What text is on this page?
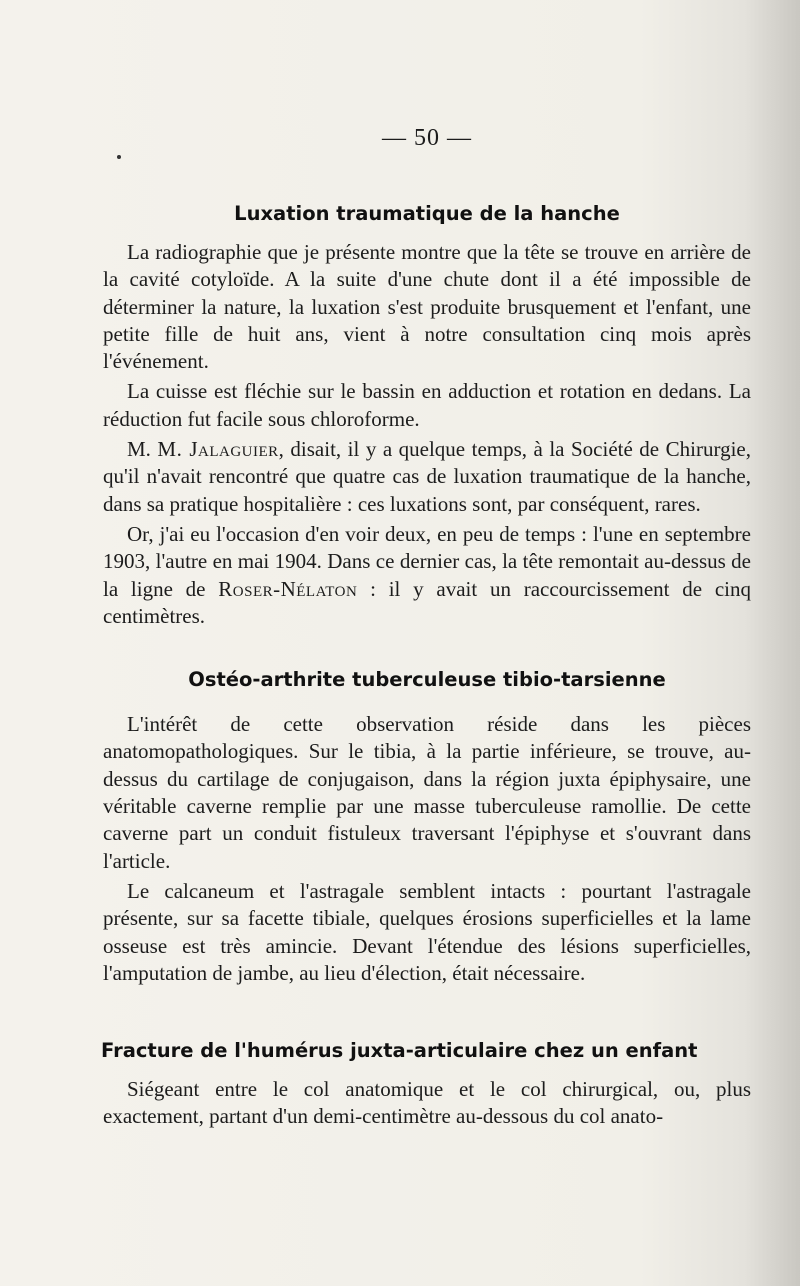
— 50 —
Luxation traumatique de la hanche

La radiographie que je présente montre que la tête se trouve en arrière de la cavité cotyloïde. A la suite d'une chute dont il a été impossible de déterminer la nature, la luxation s'est produite brusquement et l'enfant, une petite fille de huit ans, vient à notre consultation cinq mois après l'événement.

La cuisse est fléchie sur le bassin en adduction et rotation en dedans. La réduction fut facile sous chloroforme.

M. M. Jalaguier, disait, il y a quelque temps, à la Société de Chirurgie, qu'il n'avait rencontré que quatre cas de luxation traumatique de la hanche, dans sa pratique hospitalière : ces luxations sont, par conséquent, rares.

Or, j'ai eu l'occasion d'en voir deux, en peu de temps : l'une en septembre 1903, l'autre en mai 1904. Dans ce dernier cas, la tête remontait au-dessus de la ligne de Roser-Nélaton : il y avait un raccourcissement de cinq centimètres.

Ostéo-arthrite tuberculeuse tibio-tarsienne

L'intérêt de cette observation réside dans les pièces anatomopathologiques. Sur le tibia, à la partie inférieure, se trouve, au-dessus du cartilage de conjugaison, dans la région juxta épiphysaire, une véritable caverne remplie par une masse tuberculeuse ramollie. De cette caverne part un conduit fistuleux traversant l'épiphyse et s'ouvrant dans l'article.

Le calcaneum et l'astragale semblent intacts : pourtant l'astragale présente, sur sa facette tibiale, quelques érosions superficielles et la lame osseuse est très amincie. Devant l'étendue des lésions superficielles, l'amputation de jambe, au lieu d'élection, était nécessaire.

Fracture de l'humérus juxta-articulaire chez un enfant

Siégeant entre le col anatomique et le col chirurgical, ou, plus exactement, partant d'un demi-centimètre au-dessous du col anato-
